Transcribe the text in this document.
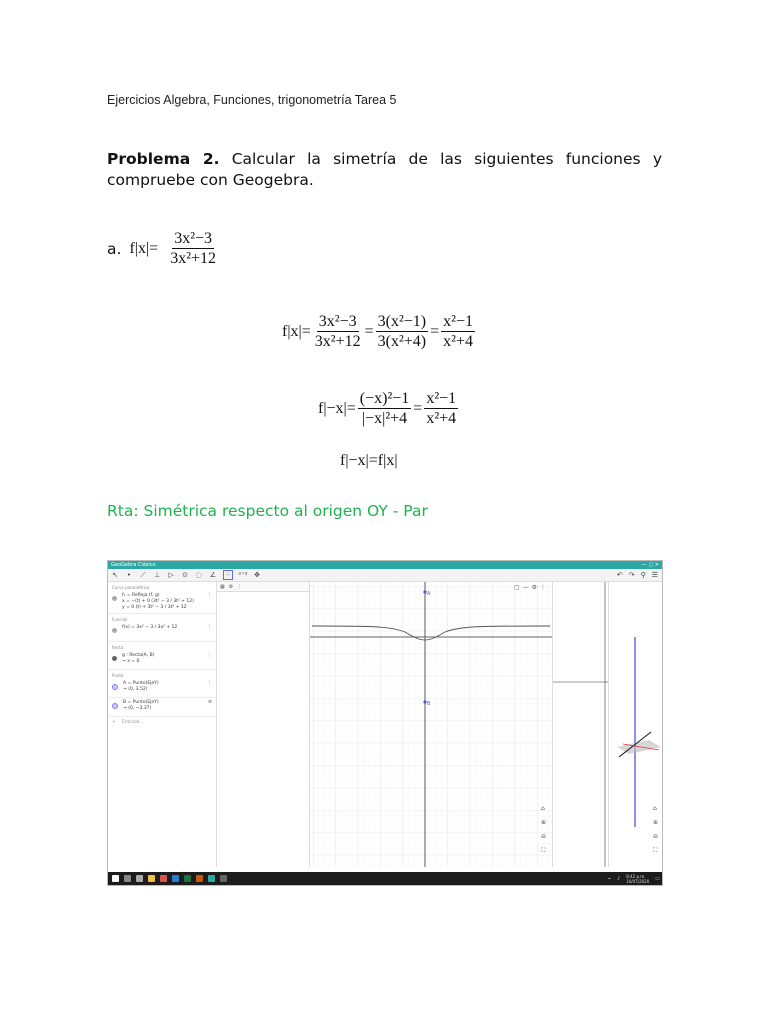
Ejercicios Algebra, Funciones, trigonometría Tarea 5
Problema 2. Calcular la simetría de las siguientes funciones y compruebe con Geogebra.
a. $f|x|= \frac{\text{3x²−3}}{\text{3x²+12}}$
$f|x|= \frac{\text{3x²−3}}{\text{3x²+12}} = \frac{\text{3(x²−1)}}{\text{3(x²+4)}} = \frac{\text{x²−1}}{\text{x²+4}}$
$f|-x|= \frac{\text{(−x)²−1}}{\text{|−x|²+4}} = \frac{\text{x²−1}}{\text{x²+4}}$
f|−x|=f|x|
Rta: Simétrica respecto al origen OY - Par
GeoGebra Clásico	— ▢ ✕
↖ • ⟋ ⊥ ▷ ⊙ ◌ ∠ ⁘ ᵃ⁼² ✥	↶ ↷ ⚲ ☰
Curva paramétrica
f₁ = Refleja (f, g)
x = −(t) + 0 (3t² − 3 / 3t² + 12)
y = 0 (t) + 3t² − 3 / 3t² + 12
⋮
Función
f(x) = 3x² − 3 / 3x² + 12	⋮
Recta
g : Recta(A, B)
→ x = 0
⋮
Punto
A = Punto(EjeY)
→ (0, 3.52)
⋮
B = Punto(EjeY)
→ (0, −3.37)
⚙
+ Entrada...
▦ ⚙ ⋮
A
B
▢ — ⚙ ⋮
⌂
⊕
⊖
⛶
⌂
⊕
⊖
⛶
⌁ ♪ 8:42 p.m.
10/07/2020 ▭
